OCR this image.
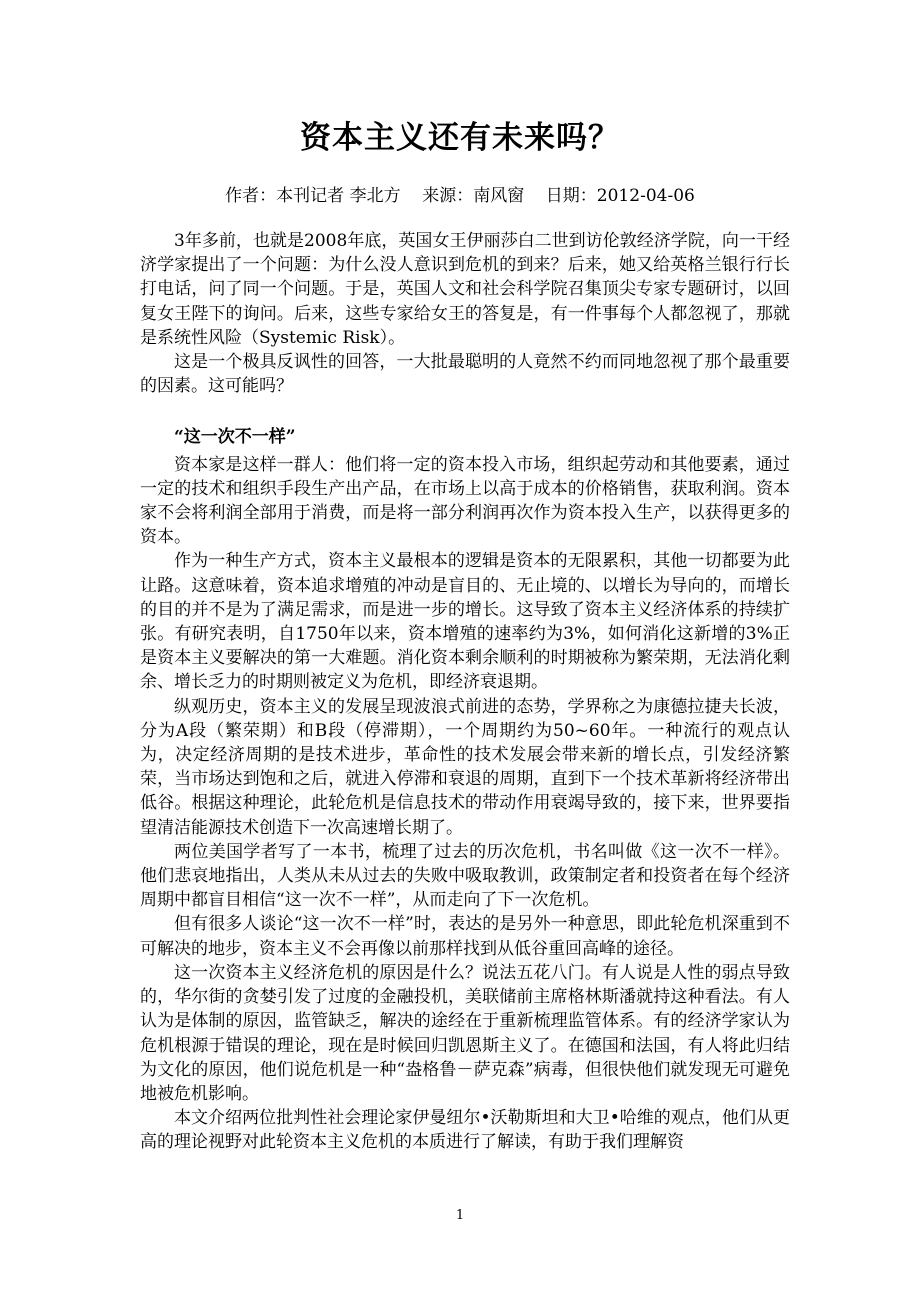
资本主义还有未来吗？
作者：本刊记者 李北方    来源：南风窗    日期：2012-04-06

3年多前，也就是2008年底，英国女王伊丽莎白二世到访伦敦经济学院，向一干经济学家提出了一个问题：为什么没人意识到危机的到来？后来，她又给英格兰银行行长打电话，问了同一个问题。于是，英国人文和社会科学院召集顶尖专家专题研讨，以回复女王陛下的询问。后来，这些专家给女王的答复是，有一件事每个人都忽视了，那就是系统性风险（Systemic Risk）。

这是一个极具反讽性的回答，一大批最聪明的人竟然不约而同地忽视了那个最重要的因素。这可能吗？

“这一次不一样”

资本家是这样一群人：他们将一定的资本投入市场，组织起劳动和其他要素，通过一定的技术和组织手段生产出产品，在市场上以高于成本的价格销售，获取利润。资本家不会将利润全部用于消费，而是将一部分利润再次作为资本投入生产，以获得更多的资本。

作为一种生产方式，资本主义最根本的逻辑是资本的无限累积，其他一切都要为此让路。这意味着，资本追求增殖的冲动是盲目的、无止境的、以增长为导向的，而增长的目的并不是为了满足需求，而是进一步的增长。这导致了资本主义经济体系的持续扩张。有研究表明，自1750年以来，资本增殖的速率约为3%，如何消化这新增的3%正是资本主义要解决的第一大难题。消化资本剩余顺利的时期被称为繁荣期，无法消化剩余、增长乏力的时期则被定义为危机，即经济衰退期。

纵观历史，资本主义的发展呈现波浪式前进的态势，学界称之为康德拉捷夫长波，分为A段（繁荣期）和B段（停滞期），一个周期约为50~60年。一种流行的观点认为，决定经济周期的是技术进步，革命性的技术发展会带来新的增长点，引发经济繁荣，当市场达到饱和之后，就进入停滞和衰退的周期，直到下一个技术革新将经济带出低谷。根据这种理论，此轮危机是信息技术的带动作用衰竭导致的，接下来，世界要指望清洁能源技术创造下一次高速增长期了。

两位美国学者写了一本书，梳理了过去的历次危机，书名叫做《这一次不一样》。他们悲哀地指出，人类从未从过去的失败中吸取教训，政策制定者和投资者在每个经济周期中都盲目相信“这一次不一样”，从而走向了下一次危机。

但有很多人谈论“这一次不一样”时，表达的是另外一种意思，即此轮危机深重到不可解决的地步，资本主义不会再像以前那样找到从低谷重回高峰的途径。

这一次资本主义经济危机的原因是什么？说法五花八门。有人说是人性的弱点导致的，华尔街的贪婪引发了过度的金融投机，美联储前主席格林斯潘就持这种看法。有人认为是体制的原因，监管缺乏，解决的途经在于重新梳理监管体系。有的经济学家认为危机根源于错误的理论，现在是时候回归凯恩斯主义了。在德国和法国，有人将此归结为文化的原因，他们说危机是一种“盎格鲁－萨克森”病毒，但很快他们就发现无可避免地被危机影响。

本文介绍两位批判性社会理论家伊曼纽尔•沃勒斯坦和大卫•哈维的观点，他们从更高的理论视野对此轮资本主义危机的本质进行了解读，有助于我们理解资

1
